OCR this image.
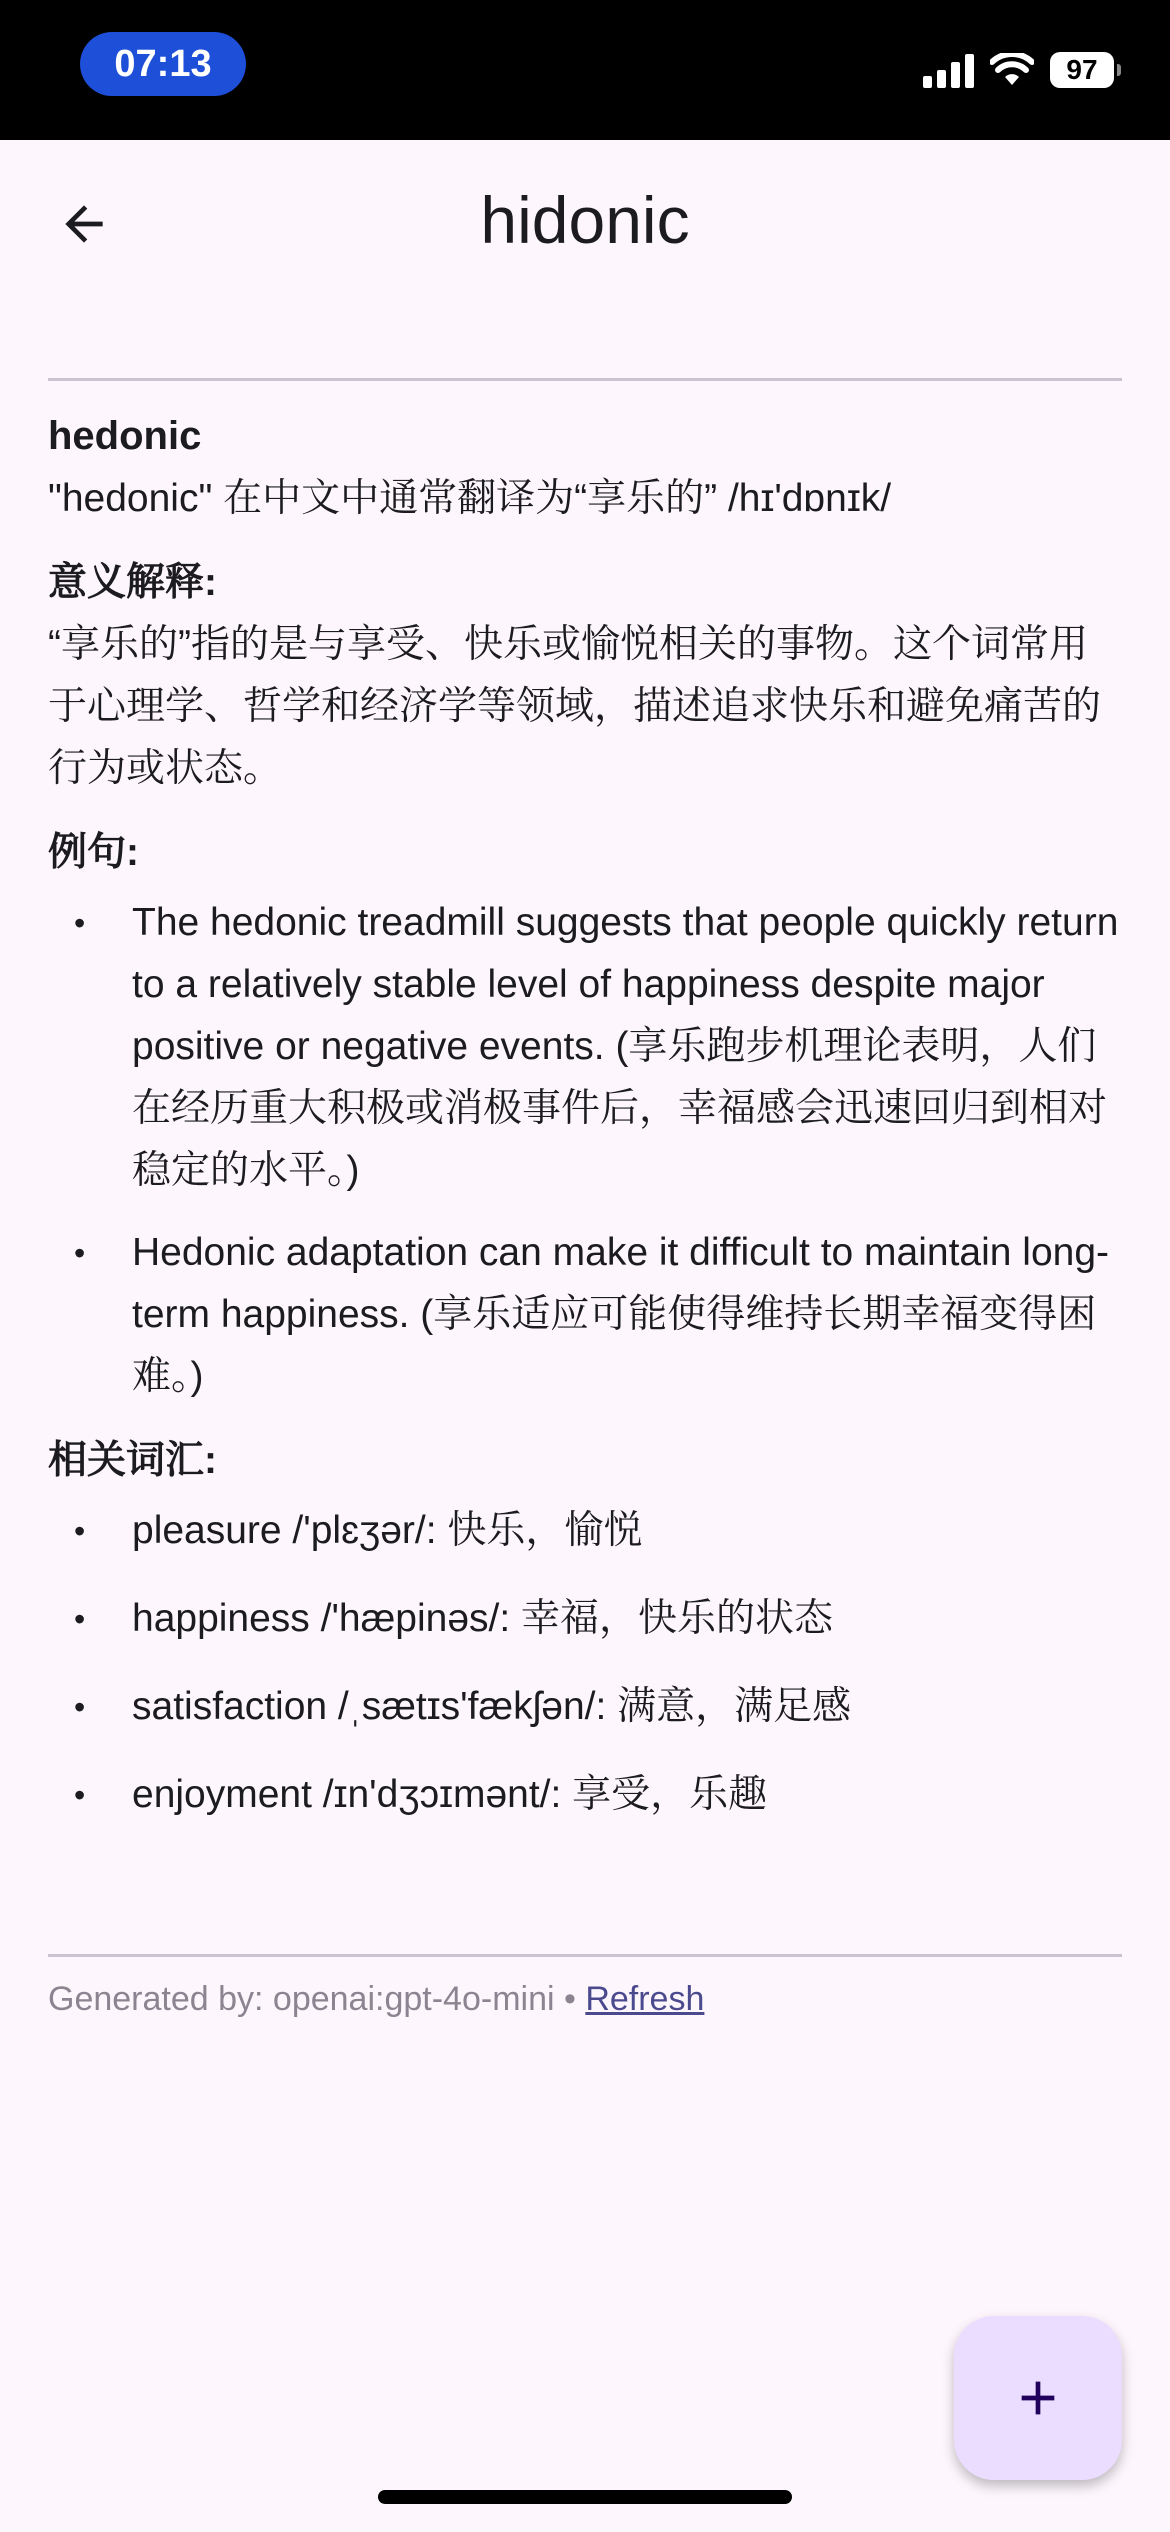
07:13	97
hidonic
hedonic
"hedonic" 在中文中通常翻译为“享乐的” /hɪ'dɒnɪk/
意义解释:
“享乐的”指的是与享受、快乐或愉悦相关的事物。这个词常用于心理学、哲学和经济学等领域，描述追求快乐和避免痛苦的行为或状态。
例句:
• The hedonic treadmill suggests that people quickly return to a relatively stable level of happiness despite major positive or negative events. (享乐跑步机理论表明，人们在经历重大积极或消极事件后，幸福感会迅速回归到相对稳定的水平。)
• Hedonic adaptation can make it difficult to maintain long-term happiness. (享乐适应可能使得维持长期幸福变得困难。)
相关词汇:
• pleasure /'plɛʒər/: 快乐，愉悦
• happiness /'hæpinəs/: 幸福，快乐的状态
• satisfaction /ˌsætɪs'fækʃən/: 满意，满足感
• enjoyment /ɪn'dʒɔɪmənt/: 享受，乐趣
Generated by: openai:gpt-4o-mini • Refresh
